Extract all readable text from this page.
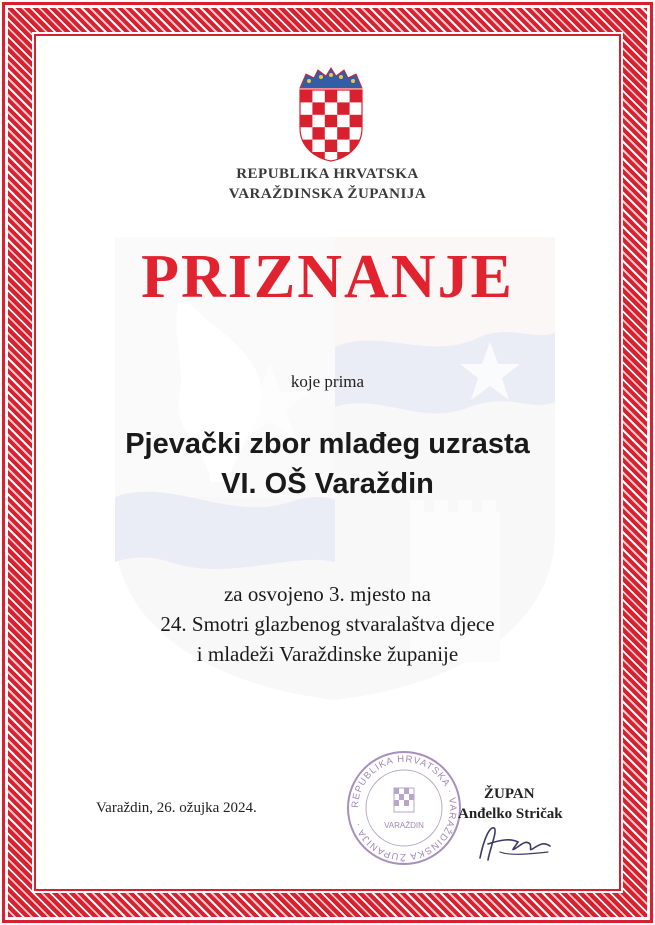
REPUBLIKA HRVATSKA
VARAŽDINSKA ŽUPANIJA
PRIZNANJE
koje prima
Pjevački zbor mlađeg uzrasta
VI. OŠ Varaždin
za osvojeno 3. mjesto na
24. Smotri glazbenog stvaralaštva djece
i mladeži Varaždinske županije
Varaždin, 26. ožujka 2024.	REPUBLIKA HRVATSKA · VARAŽDINSKA ŽUPANIJA ·	VARAŽDIN
ŽUPAN
Anđelko Stričak
